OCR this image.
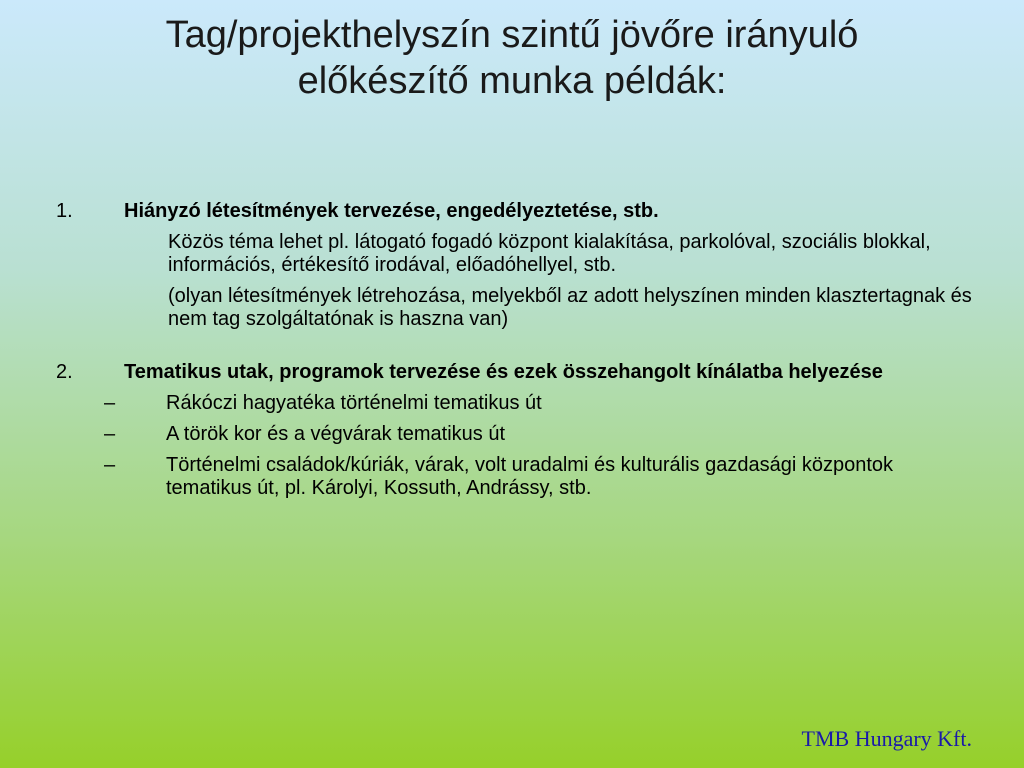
Tag/projekthelyszín szintű jövőre irányuló
előkészítő munka példák:
1.	Hiányzó létesítmények tervezése, engedélyeztetése, stb.
Közös téma lehet pl. látogató fogadó központ kialakítása, parkolóval, szociális blokkal, információs, értékesítő irodával, előadóhellyel, stb.
(olyan létesítmények létrehozása, melyekből az adott helyszínen minden klasztertagnak és nem tag szolgáltatónak is haszna van)
2.	Tematikus utak, programok tervezése és ezek összehangolt kínálatba helyezése
–	Rákóczi hagyatéka történelmi tematikus út
–	A török kor és a végvárak tematikus út
–	Történelmi családok/kúriák, várak, volt uradalmi és kulturális gazdasági központok tematikus út, pl. Károlyi, Kossuth, Andrássy, stb.
TMB Hungary Kft.
